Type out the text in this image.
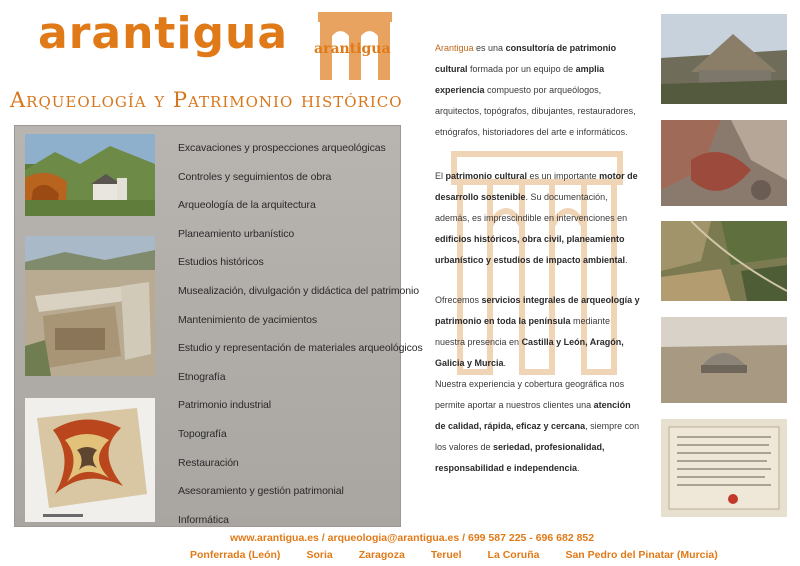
arantigua arantigua
Arqueología y Patrimonio histórico
Excavaciones y prospecciones arqueológicas
Controles y seguimientos de obra
Arqueología de la arquitectura
Planeamiento urbanístico
Estudios históricos
Musealización, divulgación y didáctica del patrimonio
Mantenimiento de yacimientos
Estudio y representación de materiales arqueológicos
Etnografía
Patrimonio industrial
Topografía
Restauración
Asesoramiento y gestión patrimonial
Informática
Arantigua es una consultoría de patrimonio cultural formada por un equipo de amplia experiencia compuesto por arqueólogos, arquitectos, topógrafos, dibujantes, restauradores, etnógrafos, historiadores del arte e informáticos.
El patrimonio cultural es un importante motor de desarrollo sostenible. Su documentación, además, es imprescindible en intervenciones en edificios históricos, obra civil, planeamiento urbanístico y estudios de impacto ambiental.
Ofrecemos servicios integrales de arqueología y patrimonio en toda la península mediante nuestra presencia en Castilla y León, Aragón, Galicia y Murcia.
Nuestra experiencia y cobertura geográfica nos permite aportar a nuestros clientes una atención de calidad, rápida, eficaz y cercana, siempre con los valores de seriedad, profesionalidad, responsabilidad e independencia.
www.arantigua.es / arqueologia@arantigua.es / 699 587 225 - 696 682 852
Ponferrada (León) Soria Zaragoza Teruel La Coruña San Pedro del Pinatar (Murcia)
